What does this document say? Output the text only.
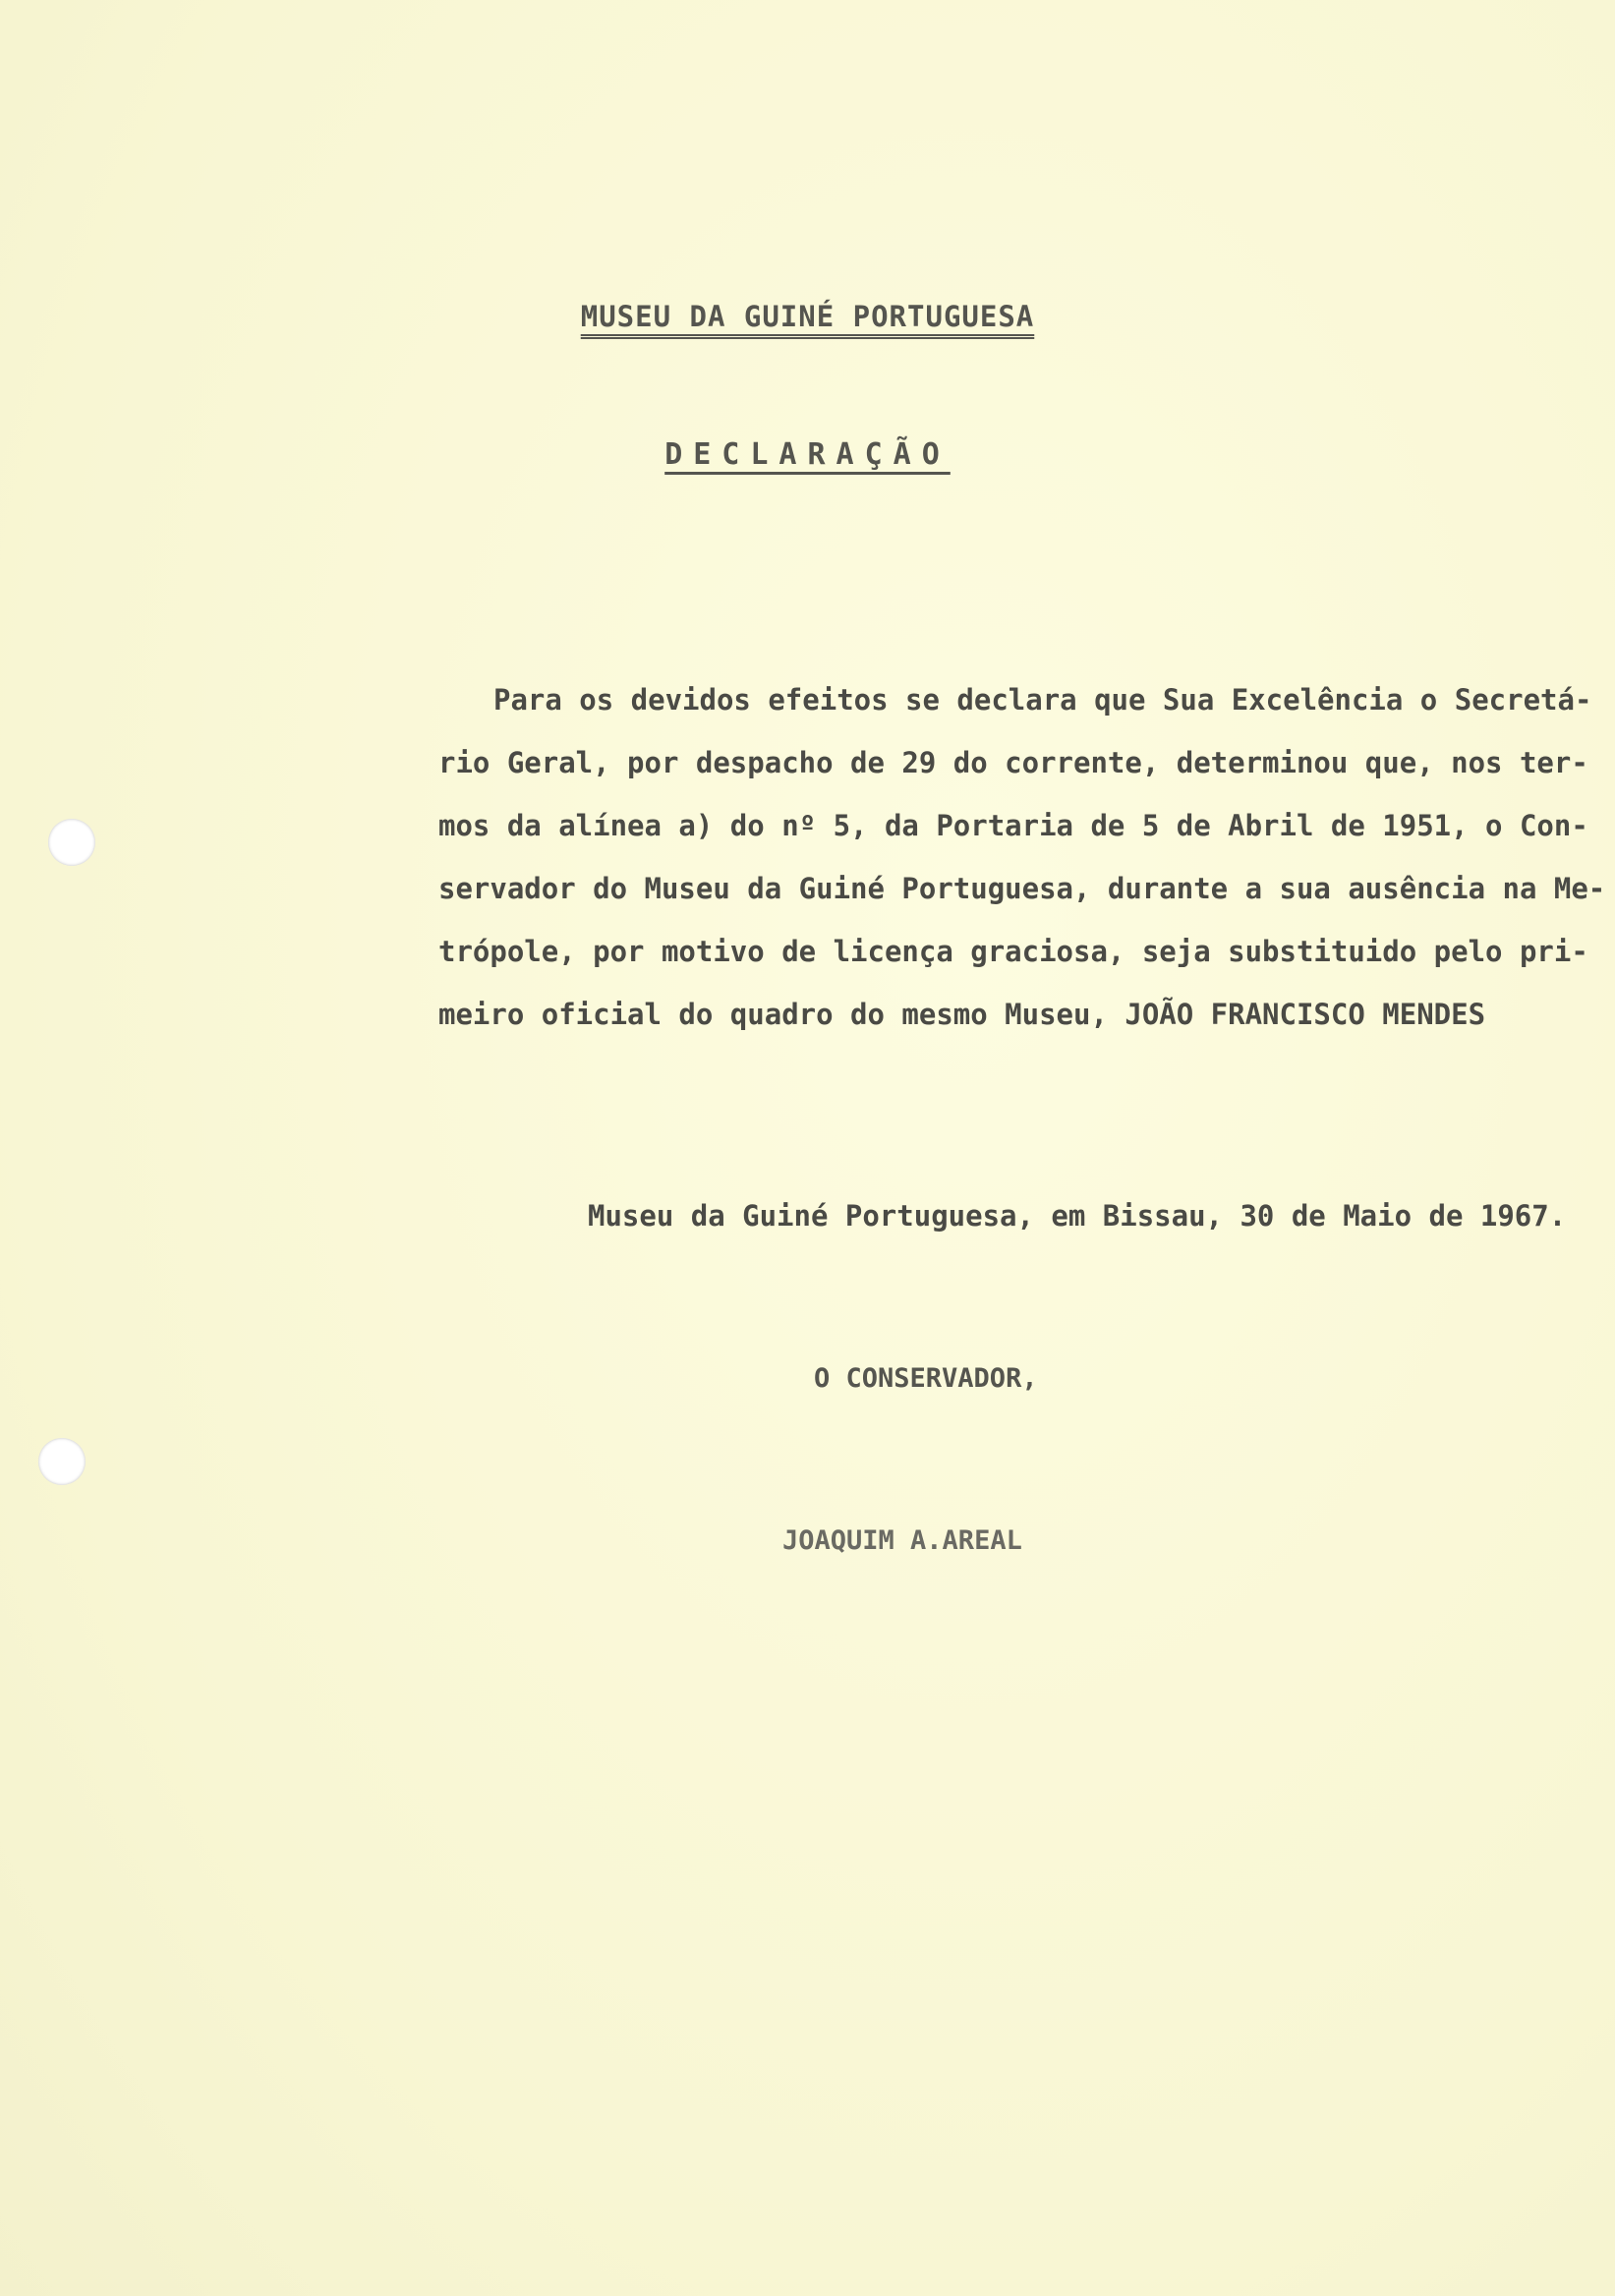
MUSEU DA GUINÉ PORTUGUESA
DECLARAÇÃO
Para os devidos efeitos se declara que Sua Excelência o Secretá-
rio Geral, por despacho de 29 do corrente, determinou que, nos ter-
mos da alínea a) do nº 5, da Portaria de 5 de Abril de 1951, o Con-
servador do Museu da Guiné Portuguesa, durante a sua ausência na Me-
trópole, por motivo de licença graciosa, seja substituido pelo pri-
meiro oficial do quadro do mesmo Museu, JOÃO FRANCISCO MENDES
Museu da Guiné Portuguesa, em Bissau, 30 de Maio de 1967.
O CONSERVADOR,
JOAQUIM A.AREAL
